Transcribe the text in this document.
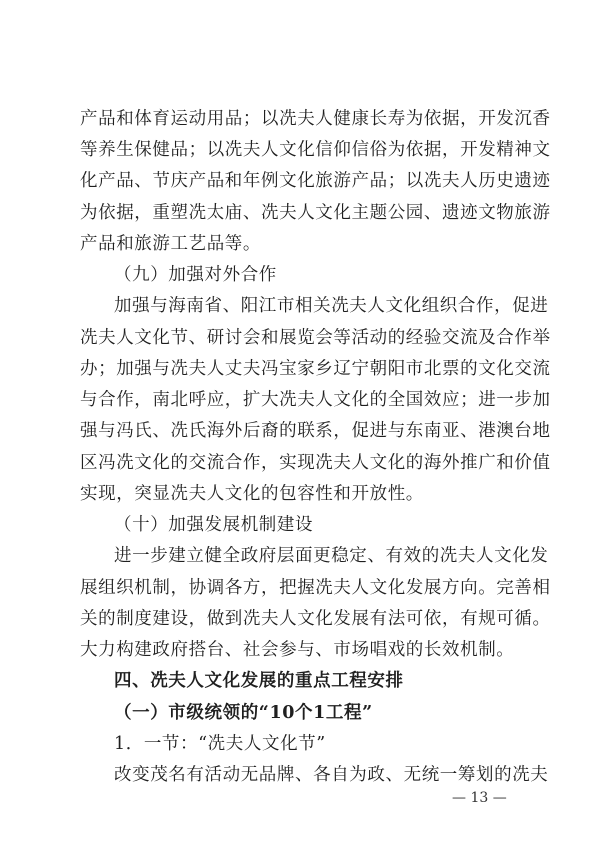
产品和体育运动用品；以冼夫人健康长寿为依据，开发沉香
等养生保健品；以冼夫人文化信仰信俗为依据，开发精神文
化产品、节庆产品和年例文化旅游产品；以冼夫人历史遗迹
为依据，重塑冼太庙、冼夫人文化主题公园、遗迹文物旅游
产品和旅游工艺品等。
（九）加强对外合作
加强与海南省、阳江市相关冼夫人文化组织合作，促进
冼夫人文化节、研讨会和展览会等活动的经验交流及合作举
办；加强与冼夫人丈夫冯宝家乡辽宁朝阳市北票的文化交流
与合作，南北呼应，扩大冼夫人文化的全国效应；进一步加
强与冯氏、冼氏海外后裔的联系，促进与东南亚、港澳台地
区冯冼文化的交流合作，实现冼夫人文化的海外推广和价值
实现，突显冼夫人文化的包容性和开放性。
（十）加强发展机制建设
进一步建立健全政府层面更稳定、有效的冼夫人文化发
展组织机制，协调各方，把握冼夫人文化发展方向。完善相
关的制度建设，做到冼夫人文化发展有法可依，有规可循。
大力构建政府搭台、社会参与、市场唱戏的长效机制。
四、冼夫人文化发展的重点工程安排
（一）市级统领的“10个1工程”
1．一节：“冼夫人文化节”
改变茂名有活动无品牌、各自为政、无统一筹划的冼夫
— 13 —
